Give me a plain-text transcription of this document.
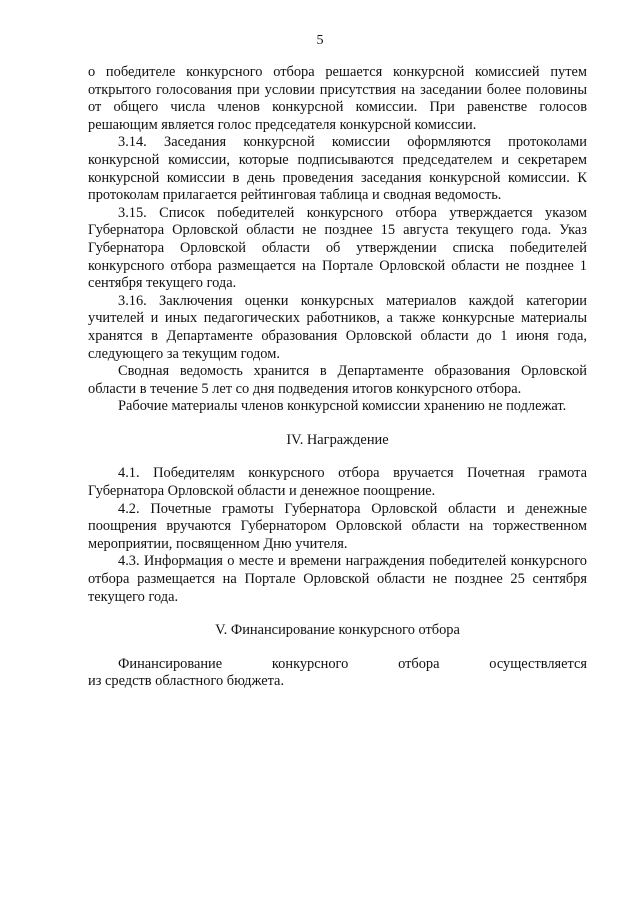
5

о победителе конкурсного отбора решается конкурсной комиссией путем открытого голосования при условии присутствия на заседании более половины от общего числа членов конкурсной комиссии. При равенстве голосов решающим является голос председателя конкурсной комиссии.

3.14. Заседания конкурсной комиссии оформляются протоколами конкурсной комиссии, которые подписываются председателем и секретарем конкурсной комиссии в день проведения заседания конкурсной комиссии. К протоколам прилагается рейтинговая таблица и сводная ведомость.

3.15. Список победителей конкурсного отбора утверждается указом Губернатора Орловской области не позднее 15 августа текущего года. Указ Губернатора Орловской области об утверждении списка победителей конкурсного отбора размещается на Портале Орловской области не позднее 1 сентября текущего года.

3.16. Заключения оценки конкурсных материалов каждой категории учителей и иных педагогических работников, а также конкурсные материалы хранятся в Департаменте образования Орловской области до 1 июня года, следующего за текущим годом.

Сводная ведомость хранится в Департаменте образования Орловской области в течение 5 лет со дня подведения итогов конкурсного отбора.

Рабочие материалы членов конкурсной комиссии хранению не подлежат.

IV. Награждение

4.1. Победителям конкурсного отбора вручается Почетная грамота Губернатора Орловской области и денежное поощрение.

4.2. Почетные грамоты Губернатора Орловской области и денежные поощрения вручаются Губернатором Орловской области на торжественном мероприятии, посвященном Дню учителя.

4.3. Информация о месте и времени награждения победителей конкурсного отбора размещается на Портале Орловской области не позднее 25 сентября текущего года.

V. Финансирование конкурсного отбора
Финансирование	конкурсного	отбора	осуществляется

из средств областного бюджета.
